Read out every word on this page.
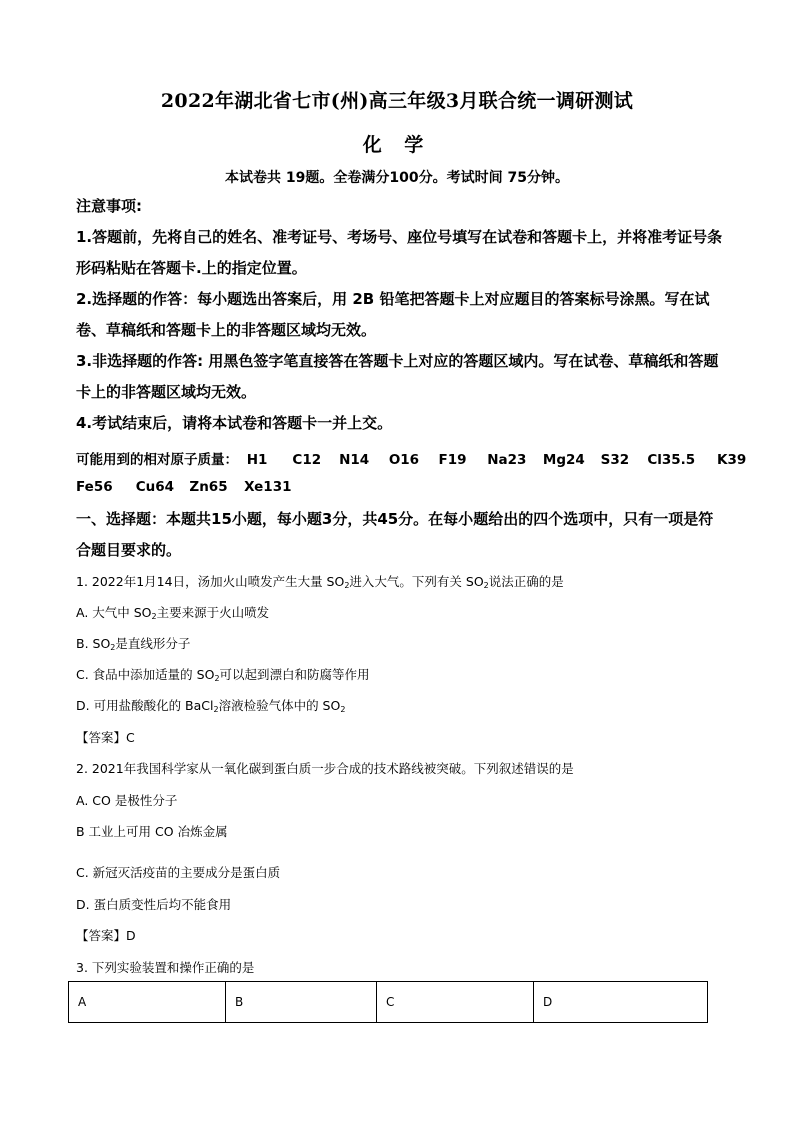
2022年湖北省七市(州)高三年级3月联合统一调研测试
化 学
本试卷共 19题。全卷满分100分。考试时间 75分钟。
注意事项:
1.答题前，先将自己的姓名、准考证号、考场号、座位号填写在试卷和答题卡上，并将准考证号条形码粘贴在答题卡.上的指定位置。
2.选择题的作答：每小题选出答案后，用 2B 铅笔把答题卡上对应题目的答案标号涂黑。写在试卷、草稿纸和答题卡上的非答题区域均无效。
3.非选择题的作答: 用黑色签字笔直接答在答题卡上对应的答题区域内。写在试卷、草稿纸和答题卡上的非答题区域均无效。
4.考试结束后，请将本试卷和答题卡一并上交。
可能用到的相对原子质量： H1 C12 N14 O16 F19 Na23 Mg24 S32 Cl35.5 K39
Fe56 Cu64 Zn65 Xe131
一、选择题：本题共15小题，每小题3分，共45分。在每小题给出的四个选项中，只有一项是符合题目要求的。
1. 2022年1月14日，汤加火山喷发产生大量 $SO_2$进入大气。下列有关 $SO_2$说法正确的是
A. 大气中 $SO_2$主要来源于火山喷发
B. $SO_2$是直线形分子
C. 食品中添加适量的 $SO_2$可以起到漂白和防腐等作用
D. 可用盐酸酸化的 BaCl$_2$溶液检验气体中的 $SO_2$
【答案】C
2. 2021年我国科学家从一氧化碳到蛋白质一步合成的技术路线被突破。下列叙述错误的是
A. CO 是极性分子
B 工业上可用 CO 冶炼金属
C. 新冠灭活疫苗的主要成分是蛋白质
D. 蛋白质变性后均不能食用
【答案】D
3. 下列实验装置和操作正确的是
A	B	C	D
